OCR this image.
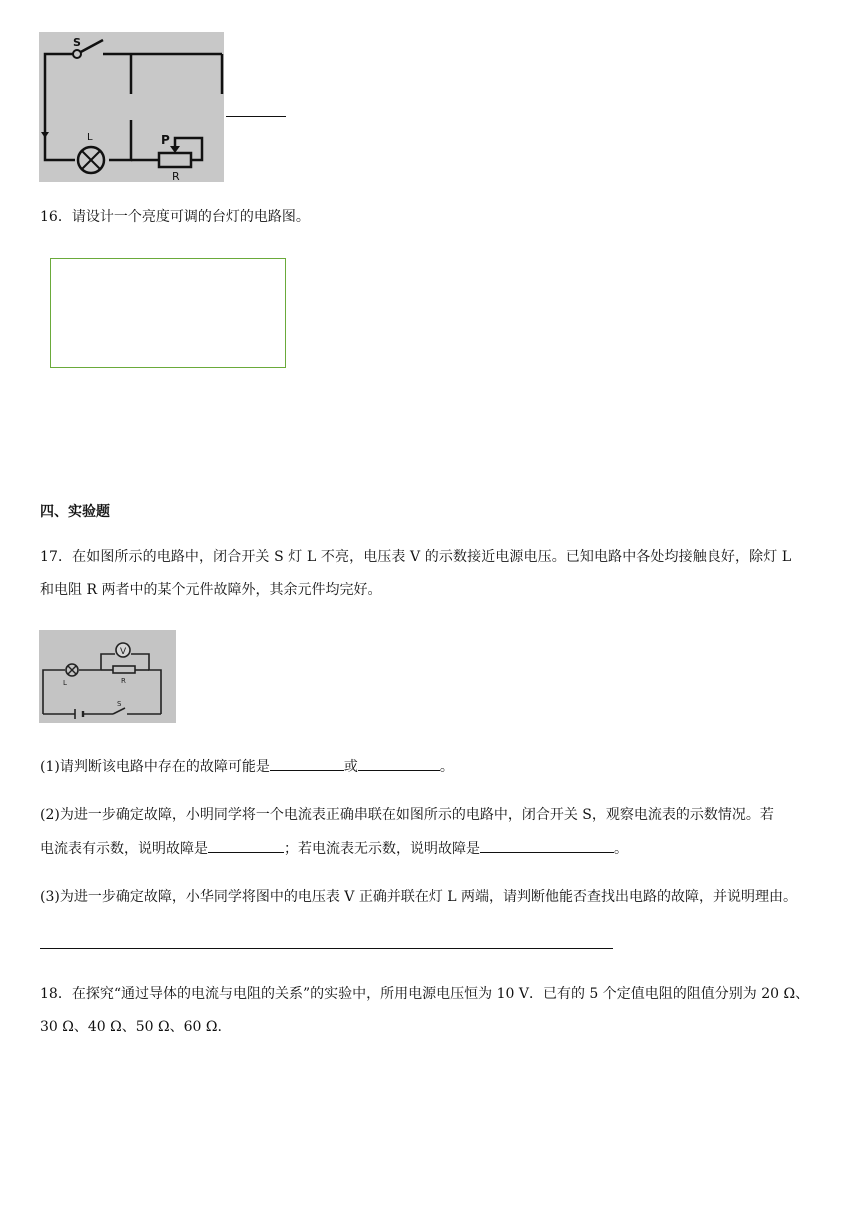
S
L	P
R
16．请设计一个亮度可调的台灯的电路图。
四、实验题
17．在如图所示的电路中，闭合开关 S 灯 L 不亮，电压表 V 的示数接近电源电压。已知电路中各处均接触良好，除灯 L
和电阻 R 两者中的某个元件故障外，其余元件均完好。
V
L	R
S
(1)请判断该电路中存在的故障可能是	或	。
(2)为进一步确定故障，小明同学将一个电流表正确串联在如图所示的电路中，闭合开关 S，观察电流表的示数情况。若
电流表有示数，说明故障是	；若电流表无示数，说明故障是	。
(3)为进一步确定故障，小华同学将图中的电压表 V 正确并联在灯 L 两端，请判断他能否查找出电路的故障，并说明理由。
18．在探究“通过导体的电流与电阻的关系”的实验中，所用电源电压恒为 10 V．已有的 5 个定值电阻的阻值分别为 20 Ω、
30 Ω、40 Ω、50 Ω、60 Ω.
